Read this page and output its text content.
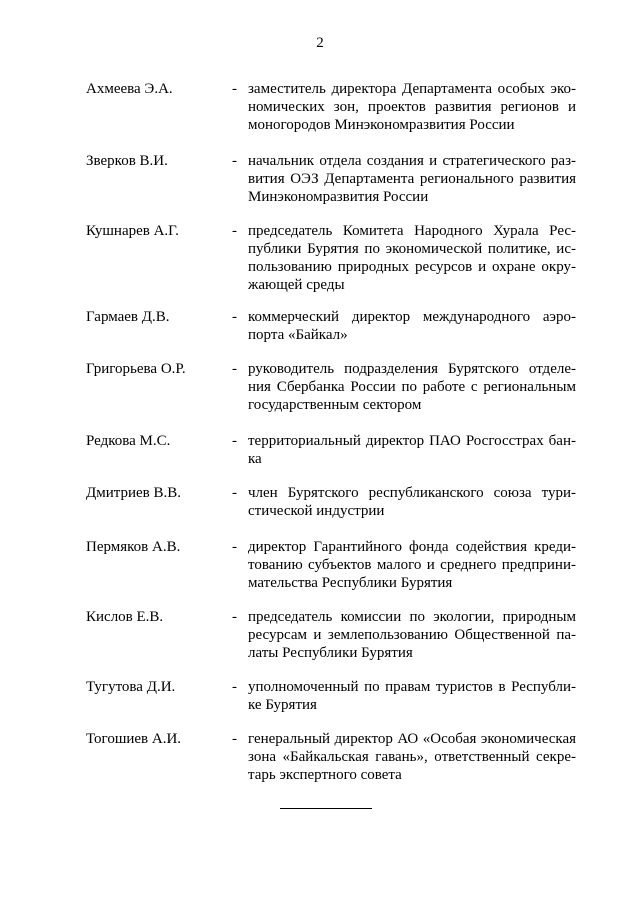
2
Ахмеева Э.А.	- заместитель директора Департамента особых эко-
номических зон, проектов развития регионов и
моногородов Минэкономразвития России
Зверков В.И.	- начальник отдела создания и стратегического раз-
вития ОЭЗ Департамента регионального развития
Минэкономразвития России
Кушнарев А.Г.	- председатель Комитета Народного Хурала Рес-
публики Бурятия по экономической политике, ис-
пользованию природных ресурсов и охране окру-
жающей среды
Гармаев Д.В.	- коммерческий директор международного аэро-
порта «Байкал»
Григорьева О.Р.	- руководитель подразделения Бурятского отделе-
ния Сбербанка России по работе с региональным
государственным сектором
Редкова М.С.	- территориальный директор ПАО Росгосстрах бан-
ка
Дмитриев В.В.	- член Бурятского республиканского союза тури-
стической индустрии
Пермяков А.В.	- директор Гарантийного фонда содействия креди-
тованию субъектов малого и среднего предприни-
мательства Республики Бурятия
Кислов Е.В.	- председатель комиссии по экологии, природным
ресурсам и землепользованию Общественной па-
латы Республики Бурятия
Тугутова Д.И.	- уполномоченный по правам туристов в Республи-
ке Бурятия
Тогошиев А.И.	- генеральный директор АО «Особая экономическая
зона «Байкальская гавань», ответственный секре-
тарь экспертного совета
